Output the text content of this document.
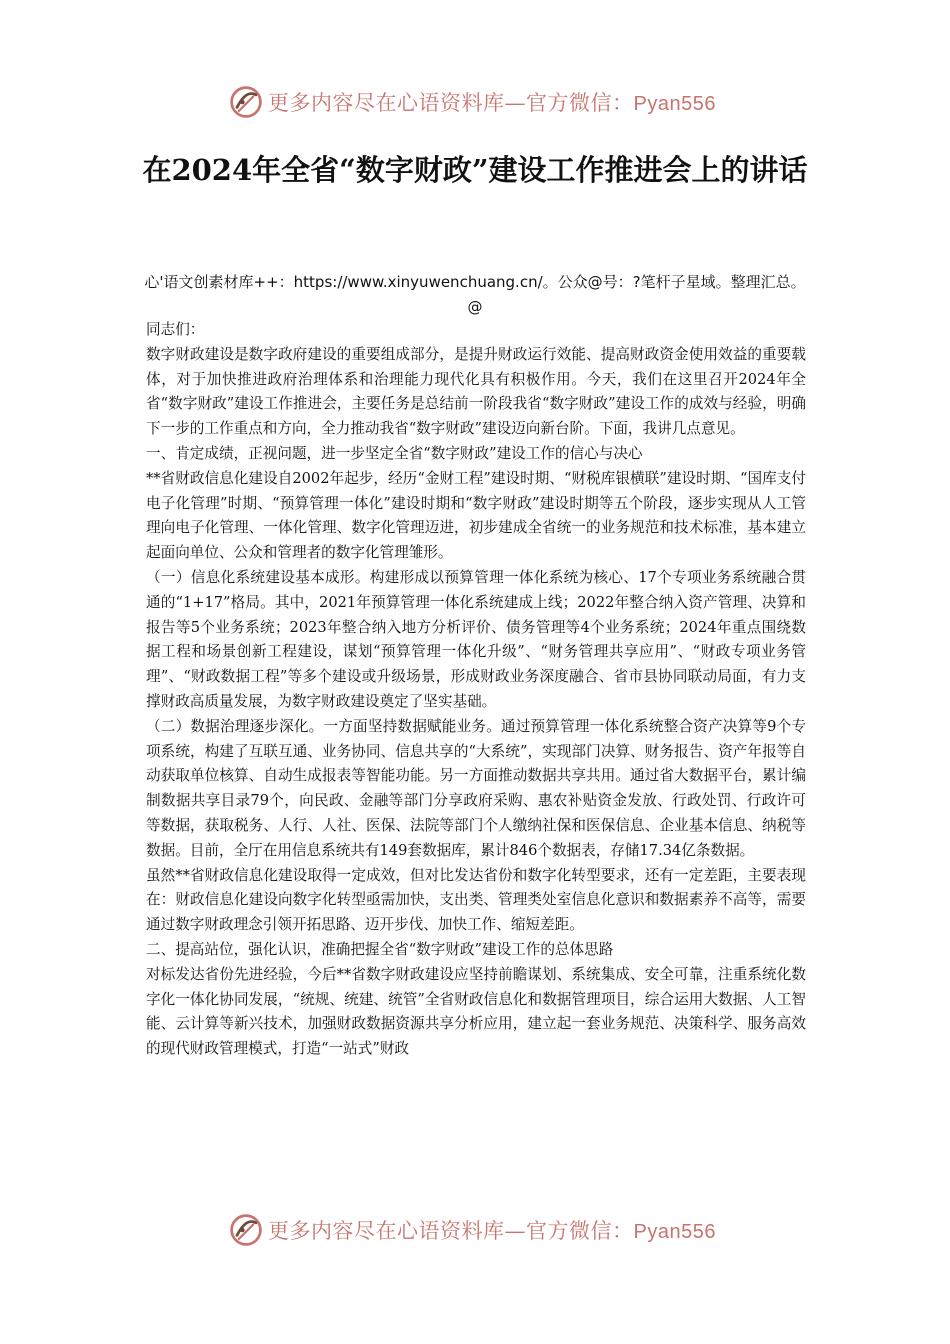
更多内容尽在心语资料库—官方微信：Pyan556
在2024年全省“数字财政”建设工作推进会上的讲话
心'语文创素材库++：https://www.xinyuwenchuang.cn/。公众@号：?笔杆子星域。整理汇总。@

同志们：

数字财政建设是数字政府建设的重要组成部分，是提升财政运行效能、提高财政资金使用效益的重要载体，对于加快推进政府治理体系和治理能力现代化具有积极作用。今天，我们在这里召开2024年全省“数字财政”建设工作推进会，主要任务是总结前一阶段我省“数字财政”建设工作的成效与经验，明确下一步的工作重点和方向，全力推动我省“数字财政”建设迈向新台阶。下面，我讲几点意见。

一、肯定成绩，正视问题，进一步坚定全省“数字财政”建设工作的信心与决心

**省财政信息化建设自2002年起步，经历“金财工程”建设时期、“财税库银横联”建设时期、“国库支付电子化管理”时期、“预算管理一体化”建设时期和“数字财政”建设时期等五个阶段，逐步实现从人工管理向电子化管理、一体化管理、数字化管理迈进，初步建成全省统一的业务规范和技术标准，基本建立起面向单位、公众和管理者的数字化管理雏形。

（一）信息化系统建设基本成形。构建形成以预算管理一体化系统为核心、17个专项业务系统融合贯通的“1+17”格局。其中，2021年预算管理一体化系统建成上线；2022年整合纳入资产管理、决算和报告等5个业务系统；2023年整合纳入地方分析评价、债务管理等4个业务系统；2024年重点围绕数据工程和场景创新工程建设，谋划“预算管理一体化升级”、“财务管理共享应用”、“财政专项业务管理”、“财政数据工程”等多个建设或升级场景，形成财政业务深度融合、省市县协同联动局面，有力支撑财政高质量发展，为数字财政建设奠定了坚实基础。

（二）数据治理逐步深化。一方面坚持数据赋能业务。通过预算管理一体化系统整合资产决算等9个专项系统，构建了互联互通、业务协同、信息共享的“大系统”，实现部门决算、财务报告、资产年报等自动获取单位核算、自动生成报表等智能功能。另一方面推动数据共享共用。通过省大数据平台，累计编制数据共享目录79个，向民政、金融等部门分享政府采购、惠农补贴资金发放、行政处罚、行政许可等数据，获取税务、人行、人社、医保、法院等部门个人缴纳社保和医保信息、企业基本信息、纳税等数据。目前，全厅在用信息系统共有149套数据库，累计846个数据表，存储17.34亿条数据。

虽然**省财政信息化建设取得一定成效，但对比发达省份和数字化转型要求，还有一定差距，主要表现在：财政信息化建设向数字化转型亟需加快，支出类、管理类处室信息化意识和数据素养不高等，需要通过数字财政理念引领开拓思路、迈开步伐、加快工作、缩短差距。

二、提高站位，强化认识，准确把握全省“数字财政”建设工作的总体思路

对标发达省份先进经验，今后**省数字财政建设应坚持前瞻谋划、系统集成、安全可靠，注重系统化数字化一体化协同发展，“统规、统建、统管”全省财政信息化和数据管理项目，综合运用大数据、人工智能、云计算等新兴技术，加强财政数据资源共享分析应用，建立起一套业务规范、决策科学、服务高效的现代财政管理模式，打造“一站式”财政

更多内容尽在心语资料库—官方微信：Pyan556
